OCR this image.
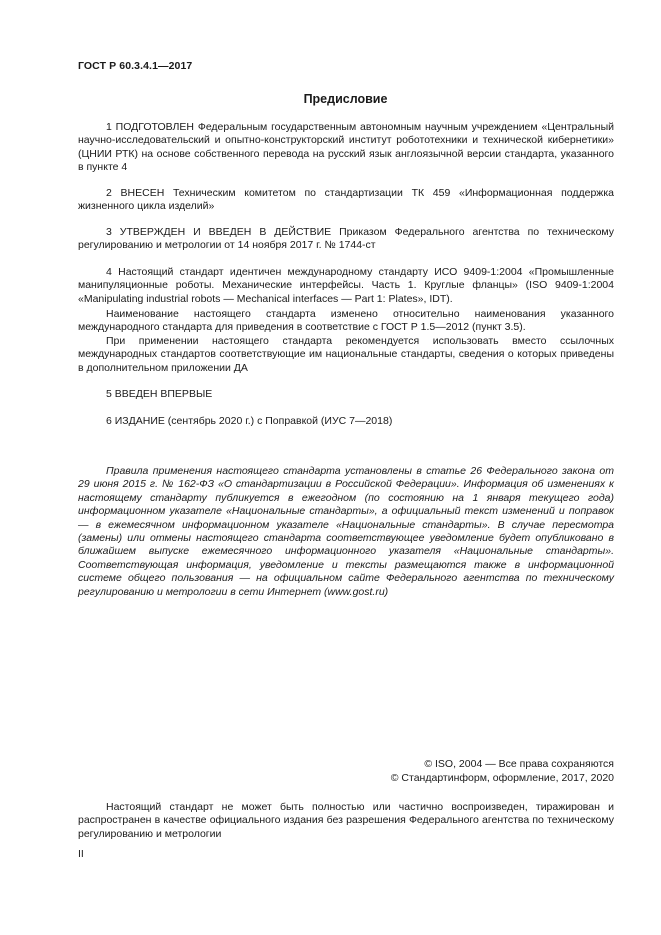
ГОСТ Р 60.3.4.1—2017
Предисловие
1 ПОДГОТОВЛЕН Федеральным государственным автономным научным учреждением «Центральный научно-исследовательский и опытно-конструкторский институт робототехники и технической кибернетики» (ЦНИИ РТК) на основе собственного перевода на русский язык англоязычной версии стандарта, указанного в пункте 4
2 ВНЕСЕН Техническим комитетом по стандартизации ТК 459 «Информационная поддержка жизненного цикла изделий»
3 УТВЕРЖДЕН И ВВЕДЕН В ДЕЙСТВИЕ Приказом Федерального агентства по техническому регулированию и метрологии от 14 ноября 2017 г. № 1744-ст
4 Настоящий стандарт идентичен международному стандарту ИСО 9409-1:2004 «Промышленные манипуляционные роботы. Механические интерфейсы. Часть 1. Круглые фланцы» (ISO 9409-1:2004 «Manipulating industrial robots — Mechanical interfaces — Part 1: Plates», IDT).
Наименование настоящего стандарта изменено относительно наименования указанного международного стандарта для приведения в соответствие с ГОСТ Р 1.5—2012 (пункт 3.5).
При применении настоящего стандарта рекомендуется использовать вместо ссылочных международных стандартов соответствующие им национальные стандарты, сведения о которых приведены в дополнительном приложении ДА
5 ВВЕДЕН ВПЕРВЫЕ
6 ИЗДАНИЕ (сентябрь 2020 г.) с Поправкой (ИУС 7—2018)
Правила применения настоящего стандарта установлены в статье 26 Федерального закона от 29 июня 2015 г. № 162-ФЗ «О стандартизации в Российской Федерации». Информация об изменениях к настоящему стандарту публикуется в ежегодном (по состоянию на 1 января текущего года) информационном указателе «Национальные стандарты», а официальный текст изменений и поправок — в ежемесячном информационном указателе «Национальные стандарты». В случае пересмотра (замены) или отмены настоящего стандарта соответствующее уведомление будет опубликовано в ближайшем выпуске ежемесячного информационного указателя «Национальные стандарты». Соответствующая информация, уведомление и тексты размещаются также в информационной системе общего пользования — на официальном сайте Федерального агентства по техническому регулированию и метрологии в сети Интернет (www.gost.ru)
© ISO, 2004 — Все права сохраняются
© Стандартинформ, оформление, 2017, 2020
Настоящий стандарт не может быть полностью или частично воспроизведен, тиражирован и распространен в качестве официального издания без разрешения Федерального агентства по техническому регулированию и метрологии
II
